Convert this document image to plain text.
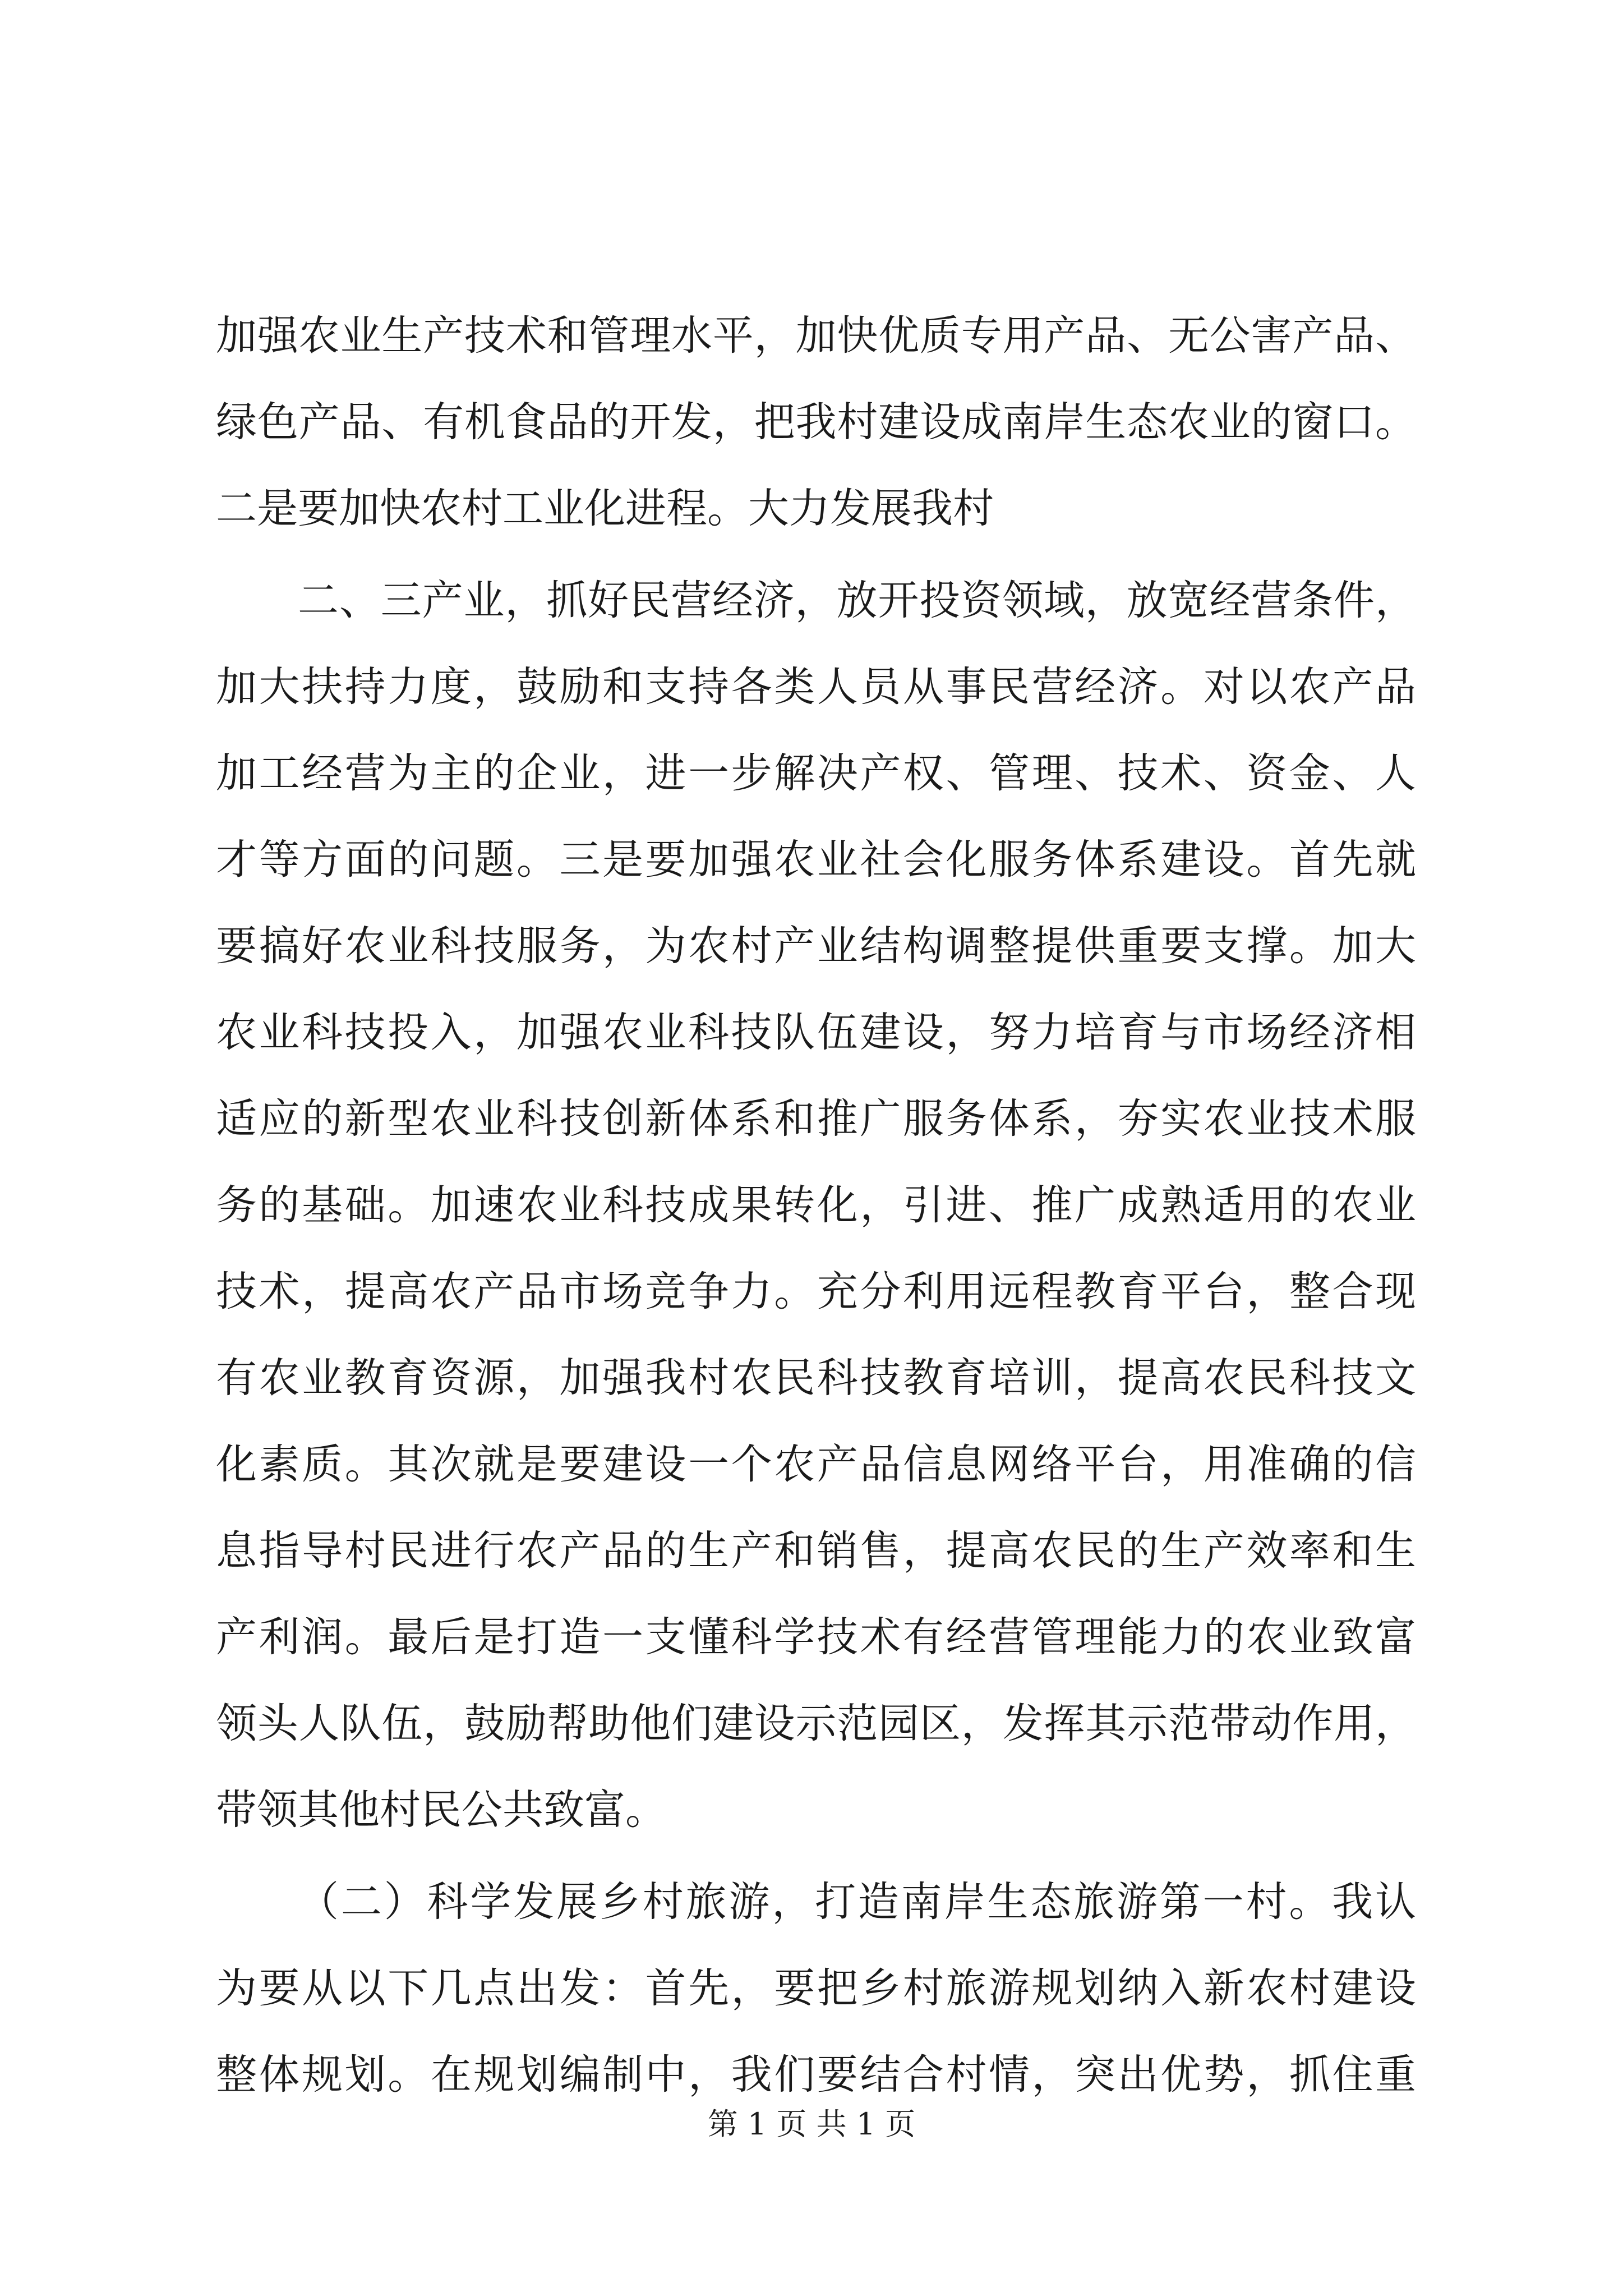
加强农业生产技术和管理水平，加快优质专用产品、无公害产品、
绿色产品、有机食品的开发，把我村建设成南岸生态农业的窗口。
二是要加快农村工业化进程。大力发展我村
二、三产业，抓好民营经济，放开投资领域，放宽经营条件，
加大扶持力度，鼓励和支持各类人员从事民营经济。对以农产品
加工经营为主的企业，进一步解决产权、管理、技术、资金、人
才等方面的问题。三是要加强农业社会化服务体系建设。首先就
要搞好农业科技服务，为农村产业结构调整提供重要支撑。加大
农业科技投入，加强农业科技队伍建设，努力培育与市场经济相
适应的新型农业科技创新体系和推广服务体系，夯实农业技术服
务的基础。加速农业科技成果转化，引进、推广成熟适用的农业
技术，提高农产品市场竞争力。充分利用远程教育平台，整合现
有农业教育资源，加强我村农民科技教育培训，提高农民科技文
化素质。其次就是要建设一个农产品信息网络平台，用准确的信
息指导村民进行农产品的生产和销售，提高农民的生产效率和生
产利润。最后是打造一支懂科学技术有经营管理能力的农业致富
领头人队伍，鼓励帮助他们建设示范园区，发挥其示范带动作用，
带领其他村民公共致富。
（二）科学发展乡村旅游，打造南岸生态旅游第一村。我认
为要从以下几点出发：首先，要把乡村旅游规划纳入新农村建设
整体规划。在规划编制中，我们要结合村情，突出优势，抓住重
第 1 页 共 1 页
